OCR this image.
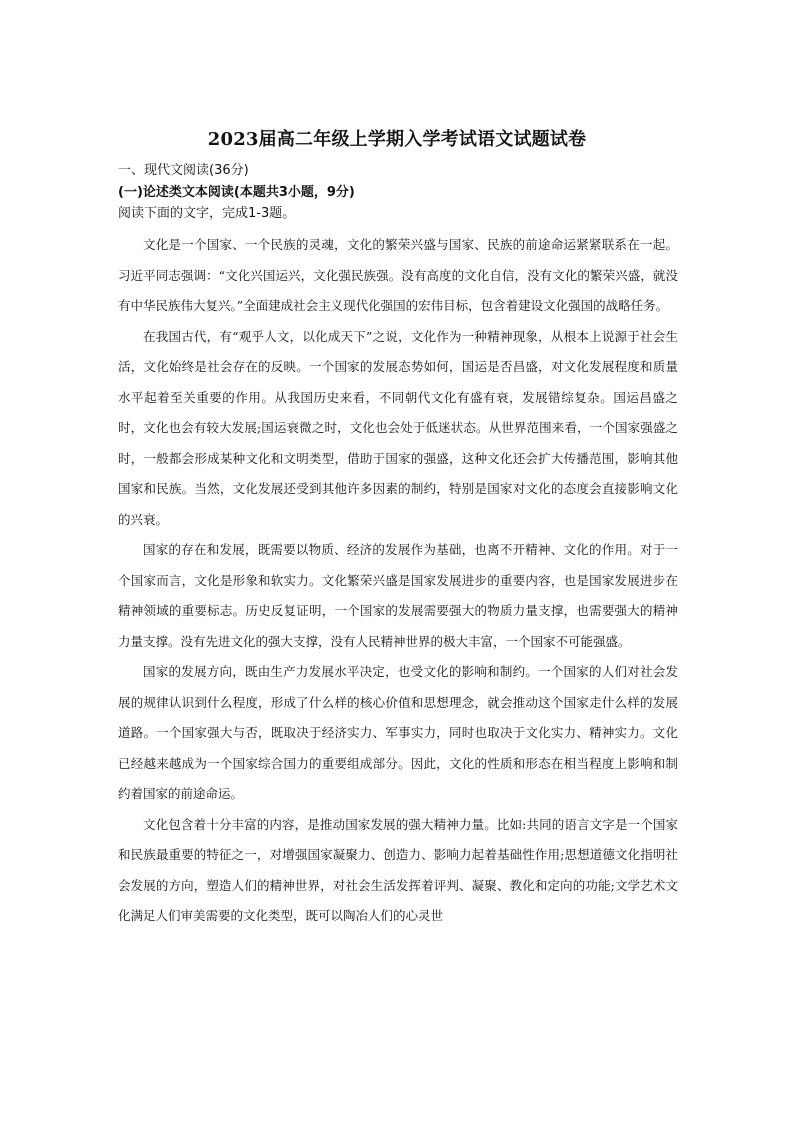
2023届高二年级上学期入学考试语文试题试卷
一、现代文阅读(36分)
(一)论述类文本阅读(本题共3小题，9分)
阅读下面的文字，完成1-3题。

文化是一个国家、一个民族的灵魂，文化的繁荣兴盛与国家、民族的前途命运紧紧联系在一起。习近平同志强调：“文化兴国运兴，文化强民族强。没有高度的文化自信，没有文化的繁荣兴盛，就没有中华民族伟大复兴。”全面建成社会主义现代化强国的宏伟目标，包含着建设文化强国的战略任务。

在我国古代，有“观乎人文，以化成天下”之说，文化作为一种精神现象，从根本上说源于社会生活，文化始终是社会存在的反映。一个国家的发展态势如何，国运是否昌盛，对文化发展程度和质量水平起着至关重要的作用。从我国历史来看，不同朝代文化有盛有衰，发展错综复杂。国运昌盛之时，文化也会有较大发展;国运衰微之时，文化也会处于低迷状态。从世界范围来看，一个国家强盛之时，一般都会形成某种文化和文明类型，借助于国家的强盛，这种文化还会扩大传播范围，影响其他国家和民族。当然，文化发展还受到其他许多因素的制约，特别是国家对文化的态度会直接影响文化的兴衰。

国家的存在和发展，既需要以物质、经济的发展作为基础，也离不开精神、文化的作用。对于一个国家而言，文化是形象和软实力。文化繁荣兴盛是国家发展进步的重要内容，也是国家发展进步在精神领域的重要标志。历史反复证明，一个国家的发展需要强大的物质力量支撑，也需要强大的精神力量支撑。没有先进文化的强大支撑，没有人民精神世界的极大丰富，一个国家不可能强盛。

国家的发展方向，既由生产力发展水平决定，也受文化的影响和制约。一个国家的人们对社会发展的规律认识到什么程度，形成了什么样的核心价值和思想理念，就会推动这个国家走什么样的发展道路。一个国家强大与否，既取决于经济实力、军事实力，同时也取决于文化实力、精神实力。文化已经越来越成为一个国家综合国力的重要组成部分。因此，文化的性质和形态在相当程度上影响和制约着国家的前途命运。

文化包含着十分丰富的内容，是推动国家发展的强大精神力量。比如:共同的语言文字是一个国家和民族最重要的特征之一，对增强国家凝聚力、创造力、影响力起着基础性作用;思想道德文化指明社会发展的方向，塑造人们的精神世界，对社会生活发挥着评判、凝聚、教化和定向的功能;文学艺术文化满足人们审美需要的文化类型，既可以陶冶人们的心灵世
